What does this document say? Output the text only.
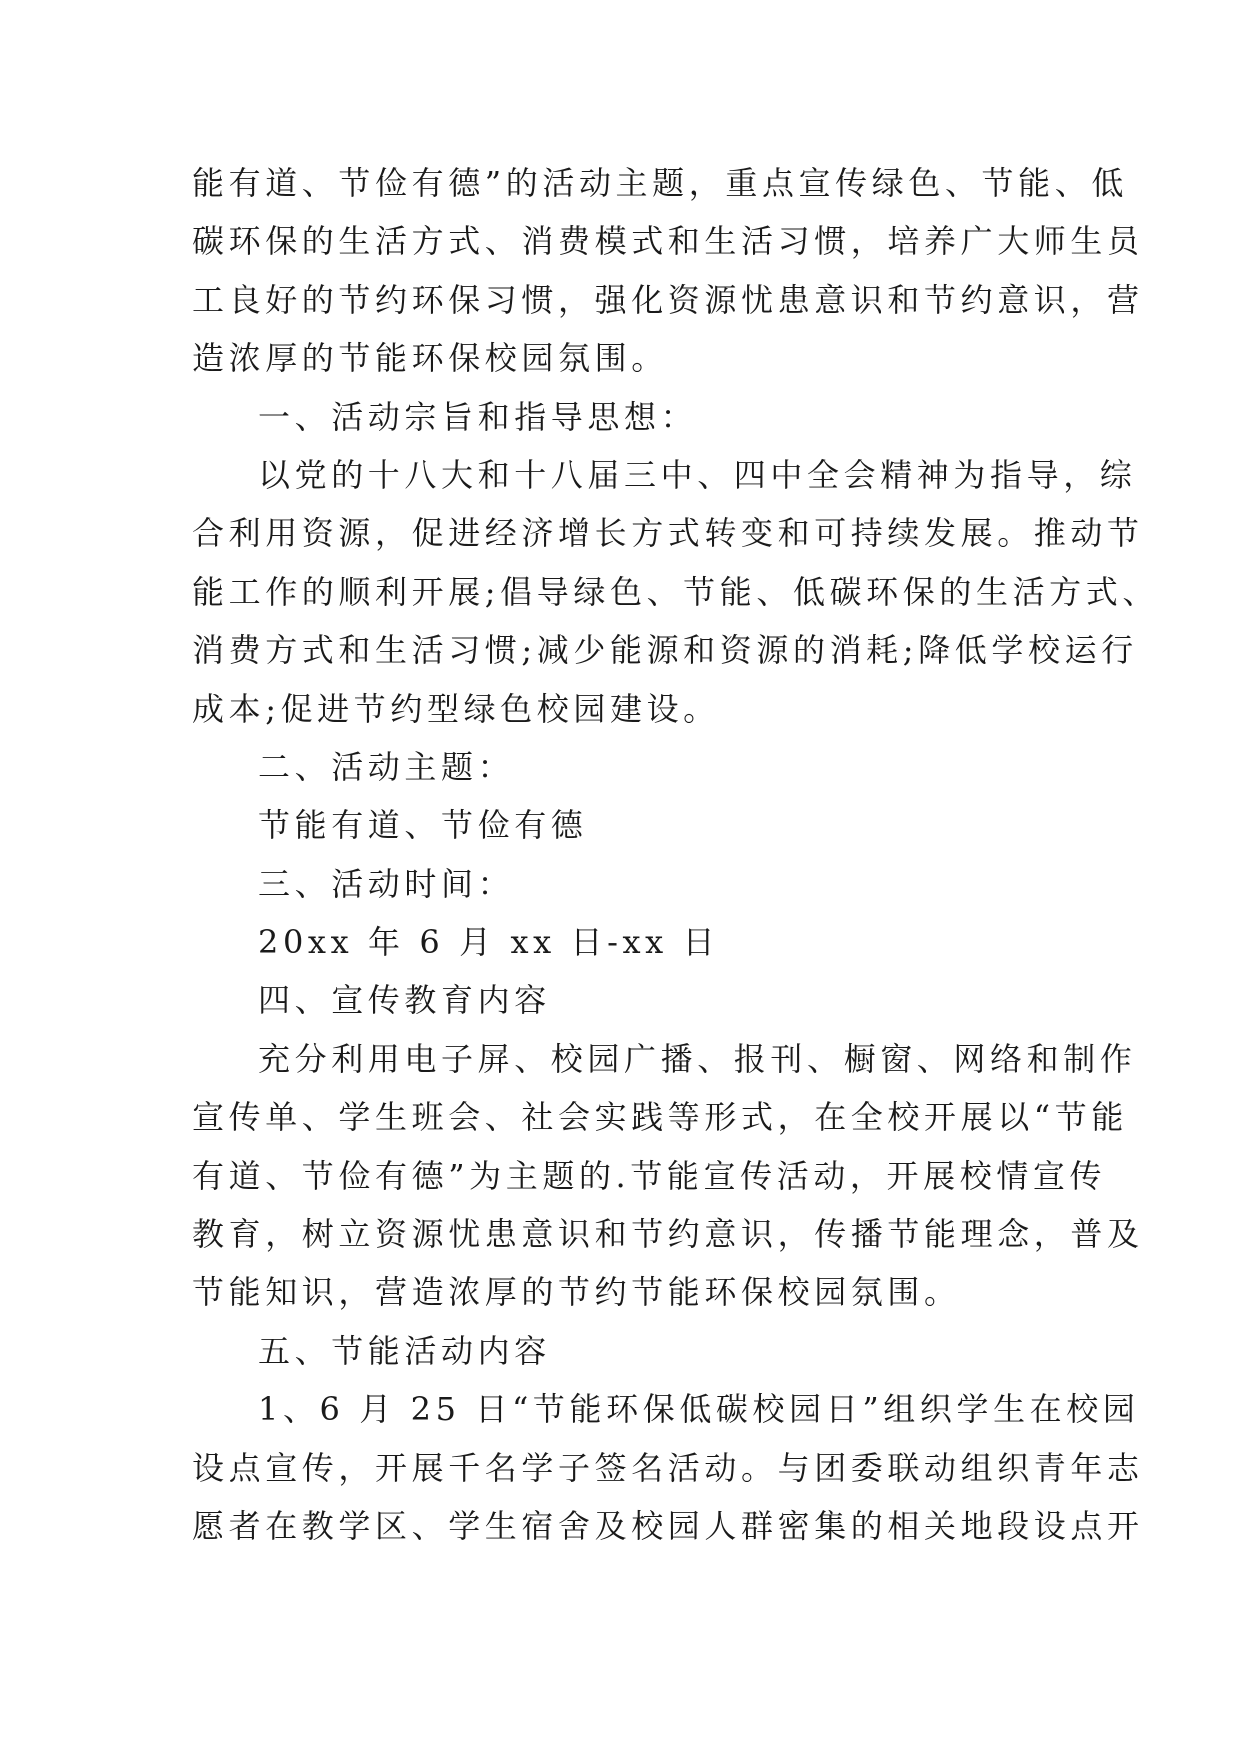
能有道、节俭有德”的活动主题，重点宣传绿色、节能、低
碳环保的生活方式、消费模式和生活习惯，培养广大师生员
工良好的节约环保习惯，强化资源忧患意识和节约意识，营
造浓厚的节能环保校园氛围。
一、活动宗旨和指导思想：
以党的十八大和十八届三中、四中全会精神为指导，综
合利用资源，促进经济增长方式转变和可持续发展。推动节
能工作的顺利开展;倡导绿色、节能、低碳环保的生活方式、
消费方式和生活习惯;减少能源和资源的消耗;降低学校运行
成本;促进节约型绿色校园建设。
二、活动主题：
节能有道、节俭有德
三、活动时间：
20xx 年 6 月 xx 日-xx 日
四、宣传教育内容
充分利用电子屏、校园广播、报刊、橱窗、网络和制作
宣传单、学生班会、社会实践等形式，在全校开展以“节能
有道、节俭有德”为主题的.节能宣传活动，开展校情宣传
教育，树立资源忧患意识和节约意识，传播节能理念，普及
节能知识，营造浓厚的节约节能环保校园氛围。
五、节能活动内容
1、6 月 25 日“节能环保低碳校园日”组织学生在校园
设点宣传，开展千名学子签名活动。与团委联动组织青年志
愿者在教学区、学生宿舍及校园人群密集的相关地段设点开
